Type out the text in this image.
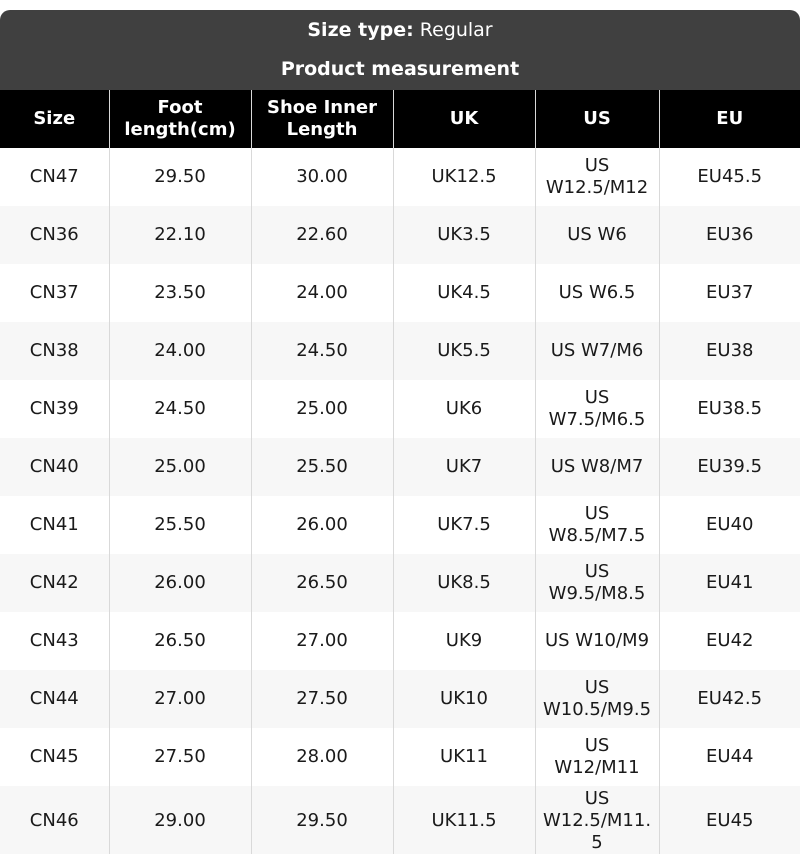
Size type: Regular
Product measurement
Size	Foot length(cm)	Shoe Inner Length	UK	US	EU
CN47	29.50	30.00	UK12.5	US W12.5/M12	EU45.5
CN36	22.10	22.60	UK3.5	US W6	EU36
CN37	23.50	24.00	UK4.5	US W6.5	EU37
CN38	24.00	24.50	UK5.5	US W7/M6	EU38
CN39	24.50	25.00	UK6	US W7.5/M6.5	EU38.5
CN40	25.00	25.50	UK7	US W8/M7	EU39.5
CN41	25.50	26.00	UK7.5	US W8.5/M7.5	EU40
CN42	26.00	26.50	UK8.5	US W9.5/M8.5	EU41
CN43	26.50	27.00	UK9	US W10/M9	EU42
CN44	27.00	27.50	UK10	US W10.5/M9.5	EU42.5
CN45	27.50	28.00	UK11	US W12/M11	EU44
CN46	29.00	29.50	UK11.5	US W12.5/M11.5	EU45
